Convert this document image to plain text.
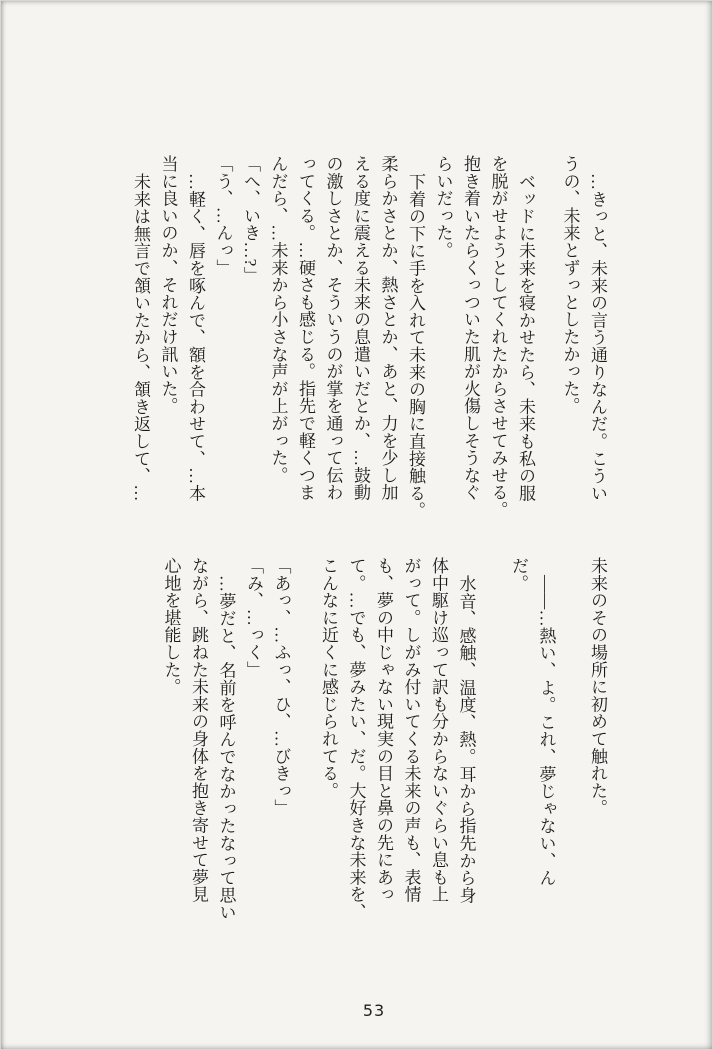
…きっと、未来の言う通りなんだ。こうい
うの、未来とずっとしたかった。
ベッドに未来を寝かせたら、未来も私の服
を脱がせようとしてくれたからさせてみせる。
抱き着いたらくっついた肌が火傷しそうなぐ
らいだった。
下着の下に手を入れて未来の胸に直接触る。
柔らかさとか、熱さとか、あと、力を少し加
える度に震える未来の息遣いだとか、…鼓動
の激しさとか、そういうのが掌を通って伝わ
ってくる。…硬さも感じる。指先で軽くつま
んだら、…未来から小さな声が上がった。
「へ、いき…?」
「う、…んっ」
…軽く、唇を啄んで、額を合わせて、…本
当に良いのか、それだけ訊いた。
未来は無言で頷いたから、頷き返して、…
未来のその場所に初めて触れた。
――…熱い、よ。これ、夢じゃない、ん
だ。
水音、感触、温度、熱。耳から指先から身
体中駆け巡って訳も分からないぐらい息も上
がって。しがみ付いてくる未来の声も、表情
も、夢の中じゃない現実の目と鼻の先にあっ
て。…でも、夢みたい、だ。大好きな未来を、
こんなに近くに感じられてる。
「あっ、…ふっ、ひ、…びきっ」
「み、…っく」
…夢だと、名前を呼んでなかったなって思い
ながら、跳ねた未来の身体を抱き寄せて夢見
心地を堪能した。
53
